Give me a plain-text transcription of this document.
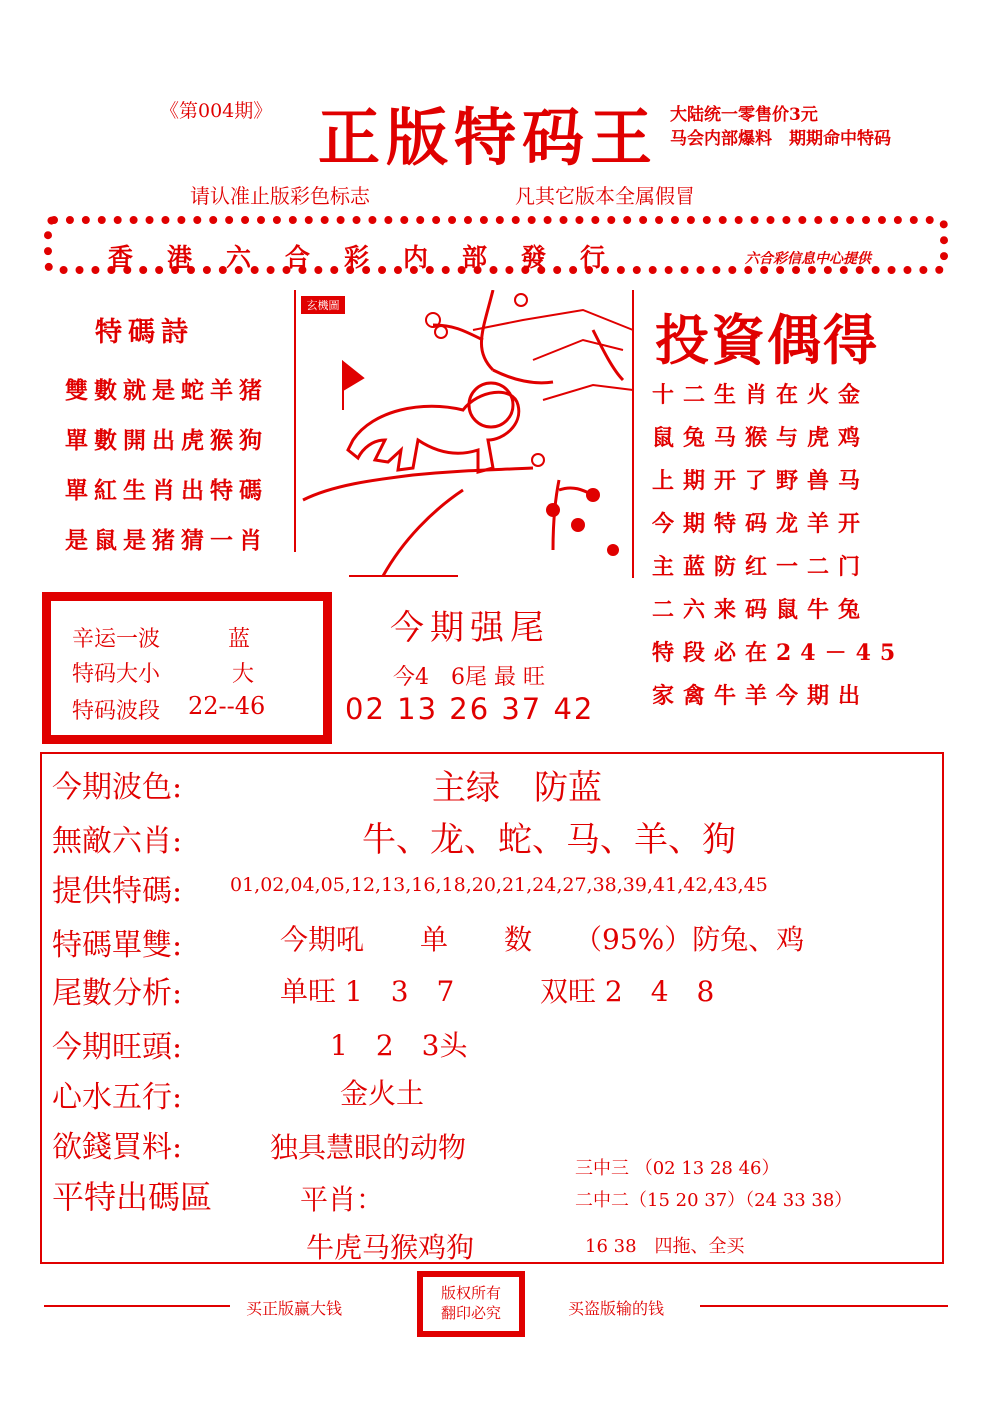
《第004期》 正版特码王 大陆统一零售价3元
马会内部爆料　期期命中特码
请认准止版彩色标志	凡其它版本全属假冒
香港六合彩内部發行	六合彩信息中心提供
特碼詩
雙數就是蛇羊猪
單數開出虎猴狗
單紅生肖出特碼
是鼠是猪猜一肖
玄機圖
投資偶得
十二生肖在火金
鼠兔马猴与虎鸡
上期开了野兽马
今期特码龙羊开
主蓝防红一二门
二六来码鼠牛兔
特段必在24－45
家禽牛羊今期出
辛运一波	蓝
特码大小	大
特码波段 22--46
今期强尾
今4　6尾 最 旺
02 13 26 37 42
今期波色:	主绿　防蓝
無敵六肖:	牛、龙、蛇、马、羊、狗
提供特碼:	01,02,04,05,12,13,16,18,20,21,24,27,38,39,41,42,43,45
特碼單雙:	今期吼　　单　　数　　（95%）防兔、鸡
尾數分析:	单旺 1　3　7	双旺 2　4　8
今期旺頭:	1　2　3头
心水五行:	金火土
欲錢買料:	独具慧眼的动物
平特出碼區	平肖：
牛虎马猴鸡狗
三中三 （02 13 28 46）
二中二（15 20 37）（24 33 38）
16 38　四拖、全买
买正版赢大钱
版权所有
翻印必究	买盗版输的钱
